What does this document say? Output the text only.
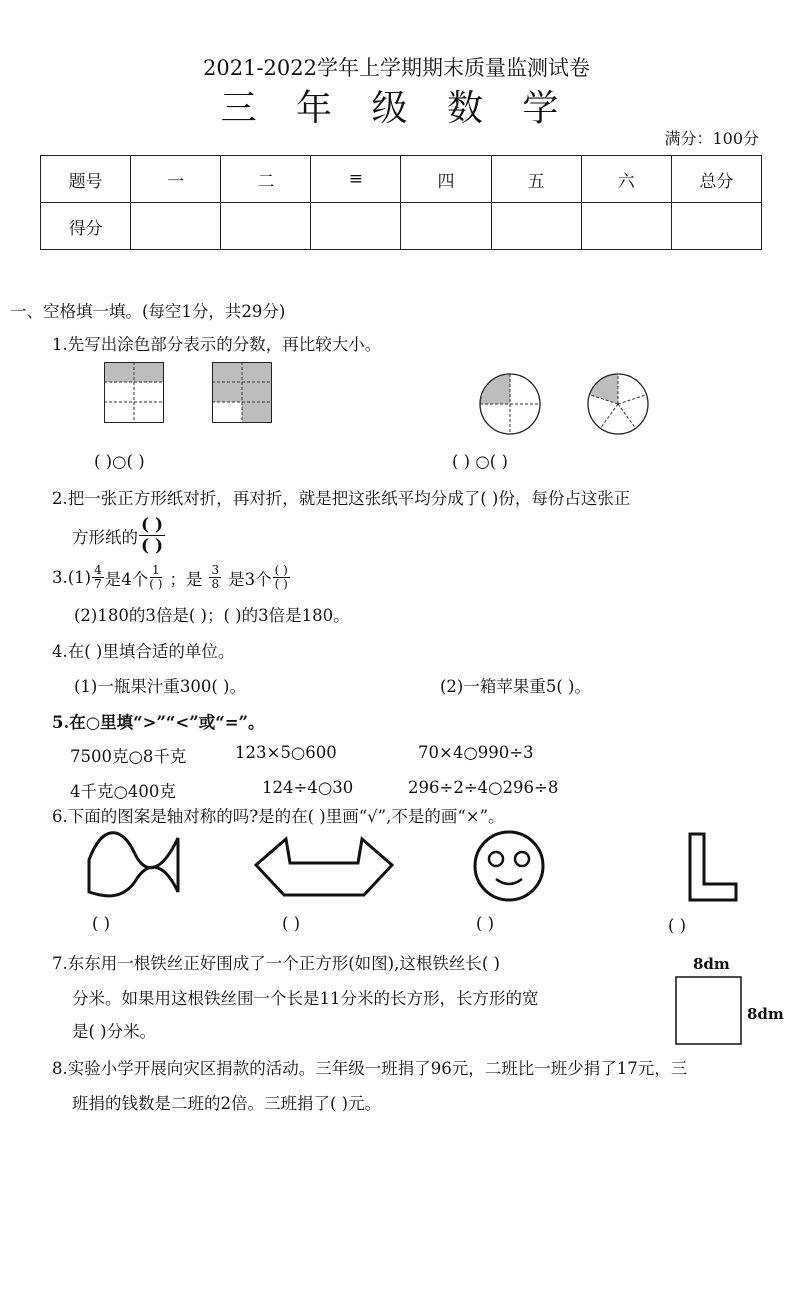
2021-2022学年上学期期末质量监测试卷
三 年 级 数 学
满分：100分
题号	一	二	≡	四	五	六	总分
得分							
一、空格填一填。(每空1分，共29分)
1.先写出涂色部分表示的分数，再比较大小。
( )○( )	( ) ○( )
2.把一张正方形纸对折，再对折，就是把这张纸平均分成了( )份，每份占这张正
方形纸的 $\frac{( )}{( )}$
$3.(1) \frac{4}{7}$ 是4个 $\frac{1}{( )}$ ；是 $\frac{3}{8}$ 是3个 $\frac{( )}{( )}$
(2)180的3倍是( )；( )的3倍是180。
4.在( )里填合适的单位。
(1)一瓶果汁重300( )。	(2)一箱苹果重5( )。
5.在○里填“>”“<”或“=”。
7500克○8千克	123×5○600	70×4○990÷3
4千克○400克	124÷4○30	296÷2÷4○296÷8
6.下面的图案是轴对称的吗?是的在( )里画“√”,不是的画“×”。
( )	( )	( )	( )
7.东东用一根铁丝正好围成了一个正方形(如图),这根铁丝长( )
分米。如果用这根铁丝围一个长是11分米的长方形，长方形的宽
是( )分米。
8dm
8dm
8.实验小学开展向灾区捐款的活动。三年级一班捐了96元，二班比一班少捐了17元，三
班捐的钱数是二班的2倍。三班捐了( )元。
